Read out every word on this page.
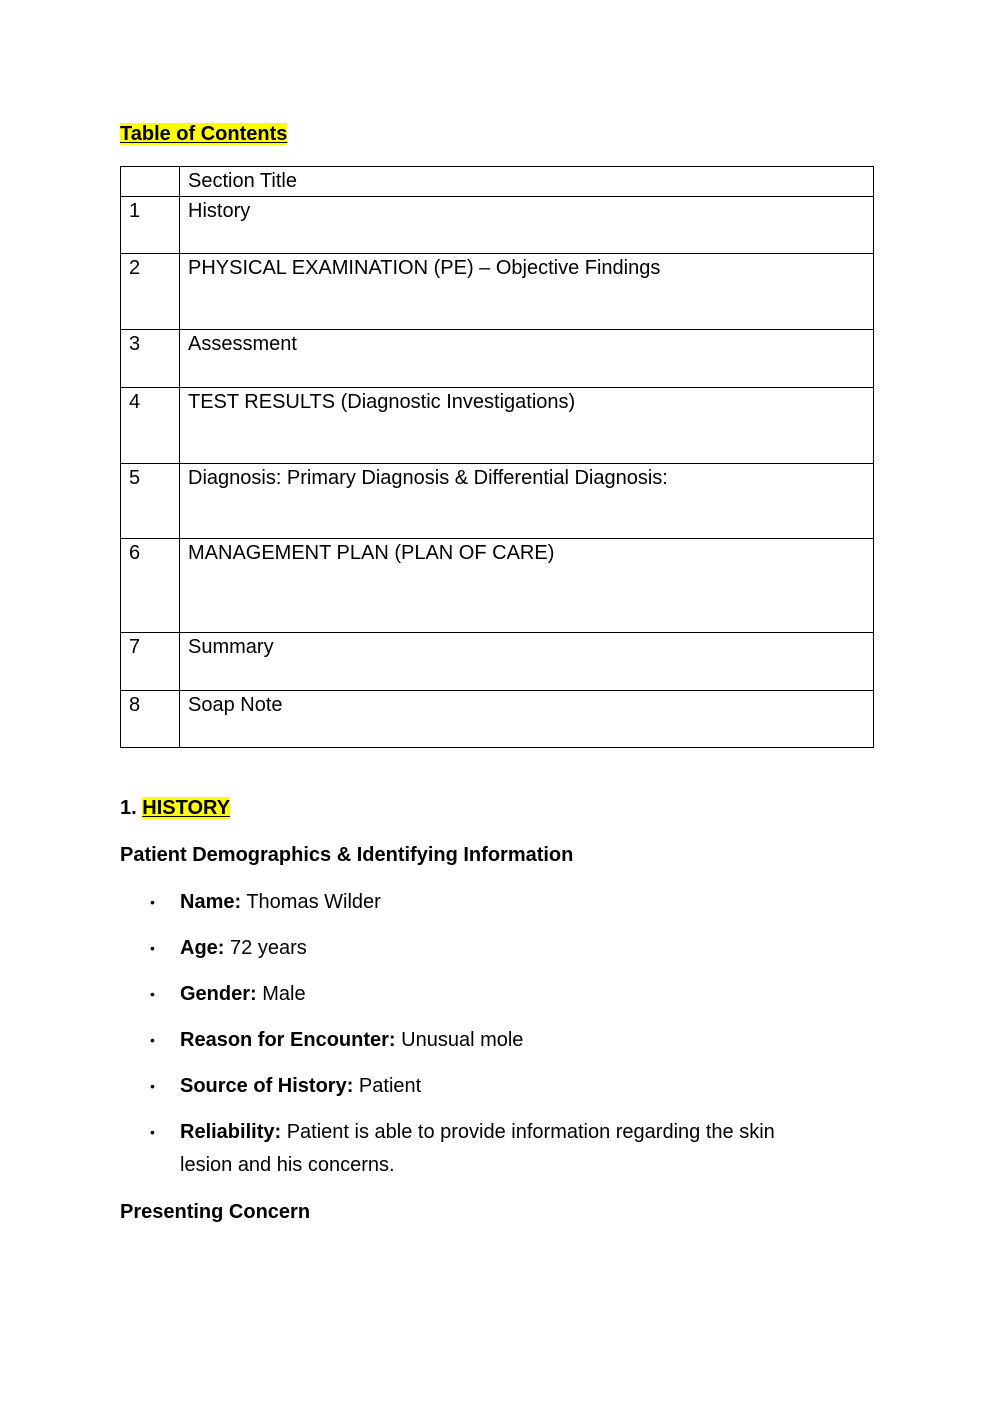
Table of Contents
	Section Title
1	History
2	PHYSICAL EXAMINATION (PE) – Objective Findings
3	Assessment
4	TEST RESULTS (Diagnostic Investigations)
5	Diagnosis: Primary Diagnosis & Differential Diagnosis:
6	MANAGEMENT PLAN (PLAN OF CARE)
7	Summary
8	Soap Note
1. HISTORY
Patient Demographics & Identifying Information
• Name: Thomas Wilder
• Age: 72 years
• Gender: Male
• Reason for Encounter: Unusual mole
• Source of History: Patient
• Reliability: Patient is able to provide information regarding the skin lesion and his concerns.
Presenting Concern
